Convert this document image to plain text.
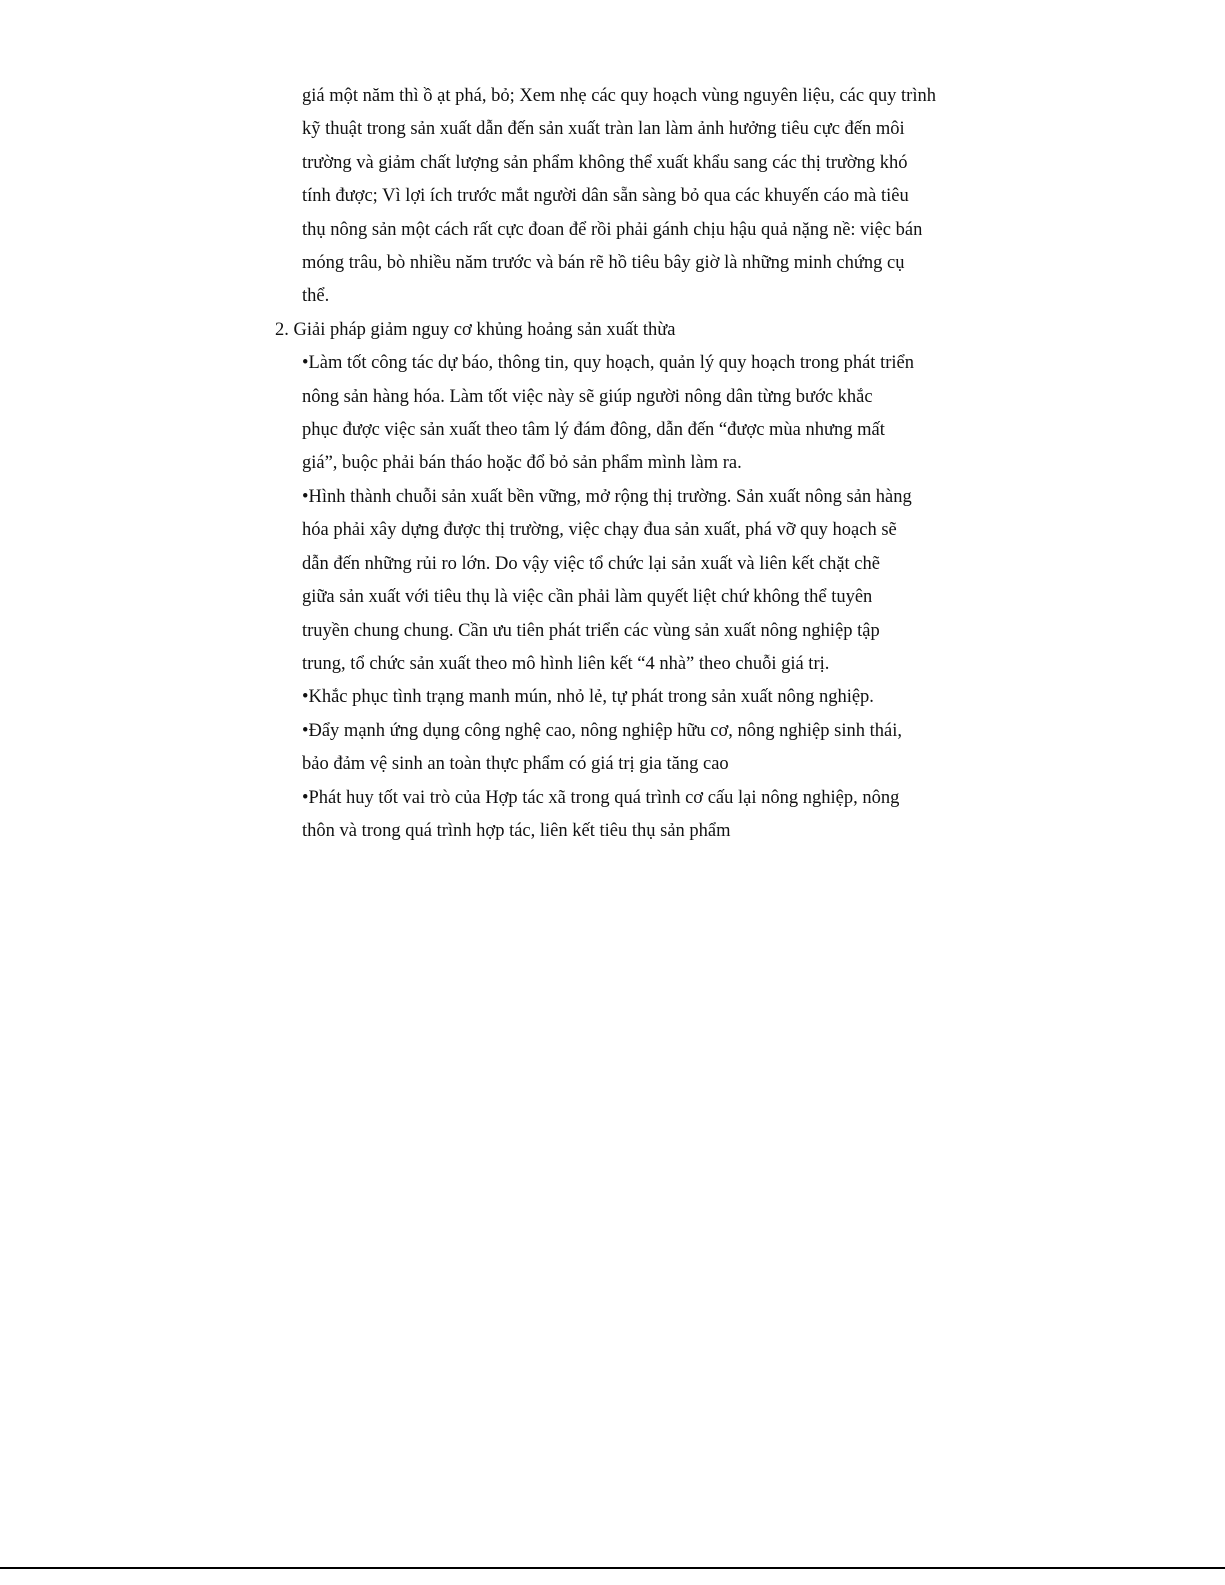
giá một năm thì ồ ạt phá, bỏ; Xem nhẹ các quy hoạch vùng nguyên liệu, các quy trình
kỹ thuật trong sản xuất dẫn đến sản xuất tràn lan làm ảnh hưởng tiêu cực đến môi
trường và giảm chất lượng sản phẩm không thể xuất khẩu sang các thị trường khó
tính được; Vì lợi ích trước mắt người dân sẵn sàng bỏ qua các khuyến cáo mà tiêu
thụ nông sản một cách rất cực đoan để rồi phải gánh chịu hậu quả nặng nề: việc bán
móng trâu, bò nhiều năm trước và bán rẽ hồ tiêu bây giờ là những minh chứng cụ
thể.

2. Giải pháp giảm nguy cơ khủng hoảng sản xuất thừa

•Làm tốt công tác dự báo, thông tin, quy hoạch, quản lý quy hoạch trong phát triển
nông sản hàng hóa. Làm tốt việc này sẽ giúp người nông dân từng bước khắc
phục được việc sản xuất theo tâm lý đám đông, dẫn đến “được mùa nhưng mất
giá”, buộc phải bán tháo hoặc đổ bỏ sản phẩm mình làm ra.
•Hình thành chuỗi sản xuất bền vững, mở rộng thị trường. Sản xuất nông sản hàng
hóa phải xây dựng được thị trường, việc chạy đua sản xuất, phá vỡ quy hoạch sẽ
dẫn đến những rủi ro lớn. Do vậy việc tổ chức lại sản xuất và liên kết chặt chẽ
giữa sản xuất với tiêu thụ là việc cần phải làm quyết liệt chứ không thể tuyên
truyền chung chung. Cần ưu tiên phát triển các vùng sản xuất nông nghiệp tập
trung, tổ chức sản xuất theo mô hình liên kết “4 nhà” theo chuỗi giá trị.
•Khắc phục tình trạng manh mún, nhỏ lẻ, tự phát trong sản xuất nông nghiệp.
•Đẩy mạnh ứng dụng công nghệ cao, nông nghiệp hữu cơ, nông nghiệp sinh thái,
bảo đảm vệ sinh an toàn thực phẩm có giá trị gia tăng cao
•Phát huy tốt vai trò của Hợp tác xã trong quá trình cơ cấu lại nông nghiệp, nông
thôn và trong quá trình hợp tác, liên kết tiêu thụ sản phẩm
